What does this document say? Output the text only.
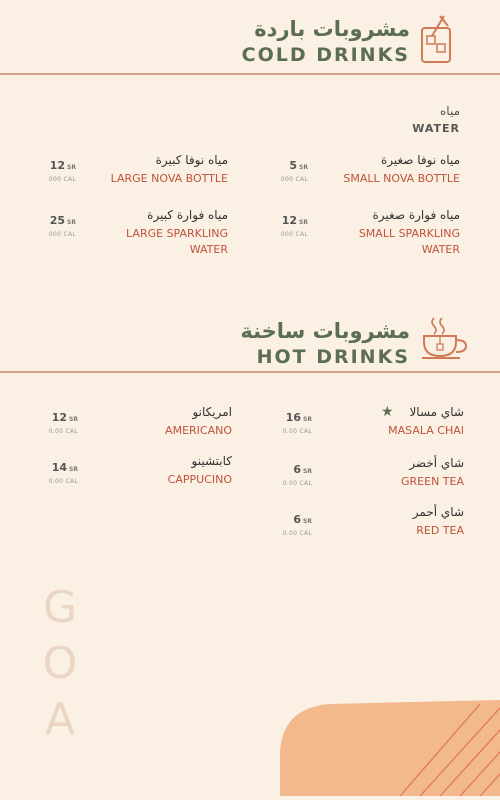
مشروبات باردة
COLD DRINKS
مياه
WATER
مياه نوفا صغيرة
SMALL NOVA BOTTLE
5 SR
000 CAL
مياه نوفا كبيرة
LARGE NOVA BOTTLE
12 SR
000 CAL
مياه فوارة صغيرة
SMALL SPARKLING WATER
12 SR
000 CAL
مياه فوارة كبيرة
LARGE SPARKLING WATER
25 SR
000 CAL
مشروبات ساخنة
HOT DRINKS
★	شاي مسالا
MASALA CHAI
16 SR
0.00 CAL
امريكانو
AMERICANO
12 SR
0.00 CAL
شاي أخضر
GREEN TEA
6 SR
0.00 CAL
كابتشينو
CAPPUCINO
14 SR
0.00 CAL
شاي أحمر
RED TEA
6 SR
0.00 CAL
G
O
A
